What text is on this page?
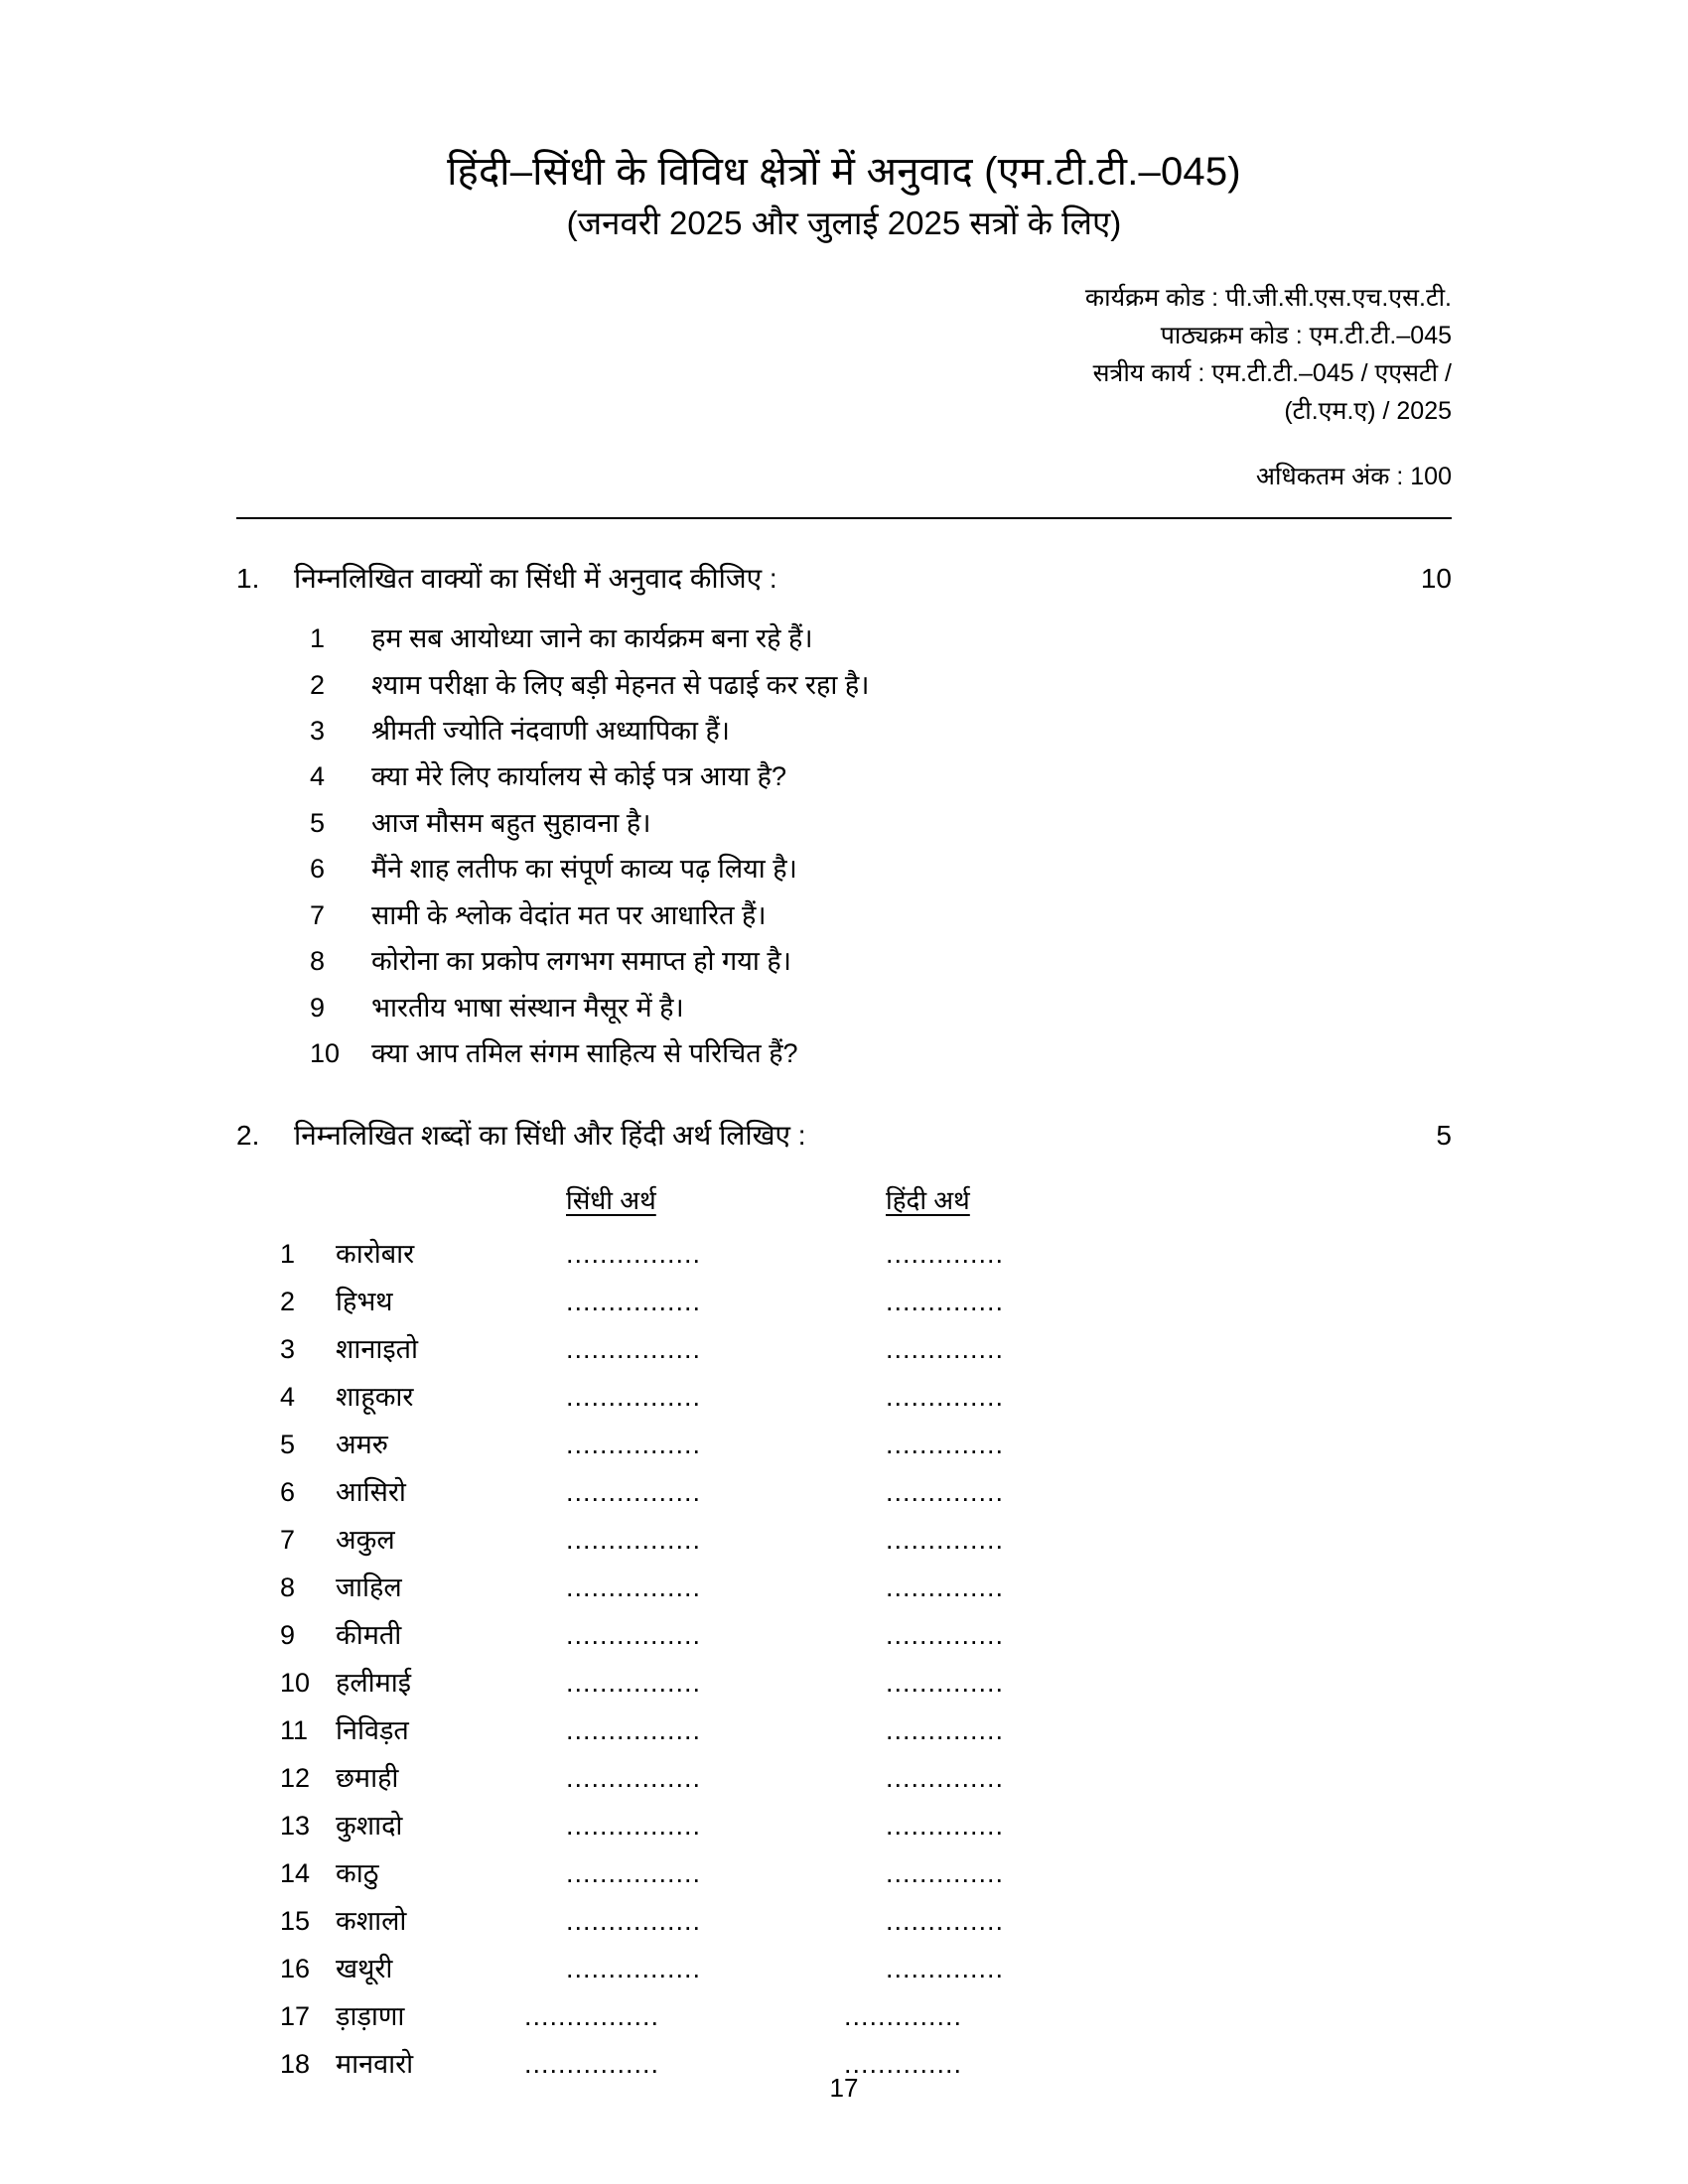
हिंदी–सिंधी के विविध क्षेत्रों में अनुवाद (एम.टी.टी.–045)
(जनवरी 2025 और जुलाई 2025 सत्रों के लिए)
कार्यक्रम कोड : पी.जी.सी.एस.एच.एस.टी.
पाठ्यक्रम कोड : एम.टी.टी.–045
सत्रीय कार्य : एम.टी.टी.–045 / एएसटी /
(टी.एम.ए) / 2025
अधिकतम अंक : 100
1.	निम्नलिखित वाक्यों का सिंधी में अनुवाद कीजिए :	10
1	हम सब आयोध्या जाने का कार्यक्रम बना रहे हैं।
2	श्याम परीक्षा के लिए बड़ी मेहनत से पढाई कर रहा है।
3	श्रीमती ज्योति नंदवाणी अध्यापिका हैं।
4	क्या मेरे लिए कार्यालय से कोई पत्र आया है?
5	आज मौसम बहुत सुहावना है।
6	मैंने शाह लतीफ का संपूर्ण काव्य पढ़ लिया है।
7	सामी के श्लोक वेदांत मत पर आधारित हैं।
8	कोरोना का प्रकोप लगभग समाप्त हो गया है।
9	भारतीय भाषा संस्थान मैसूर में है।
10	क्या आप तमिल संगम साहित्य से परिचित हैं?
2.	निम्नलिखित शब्दों का सिंधी और हिंदी अर्थ लिखिए :	5
सिंधी अर्थ	हिंदी अर्थ
1	कारोबार	................	..............
2	हिभथ	................	..............
3	शानाइतो	................	..............
4	शाहूकार	................	..............
5	अमरु	................	..............
6	आसिरो	................	..............
7	अकुल	................	..............
8	जाहिल	................	..............
9	कीमती	................	..............
10 हलीमाई	................	..............
11	निविड़त	................	..............
12 छमाही	................	..............
13 कुशादो	................	..............
14 काठु	................	..............
15 कशालो	................	..............
16 खथूरी	................	..............
17 ड़ाड़ाणा	................	..............
18 मानवारो	................	..............
17
